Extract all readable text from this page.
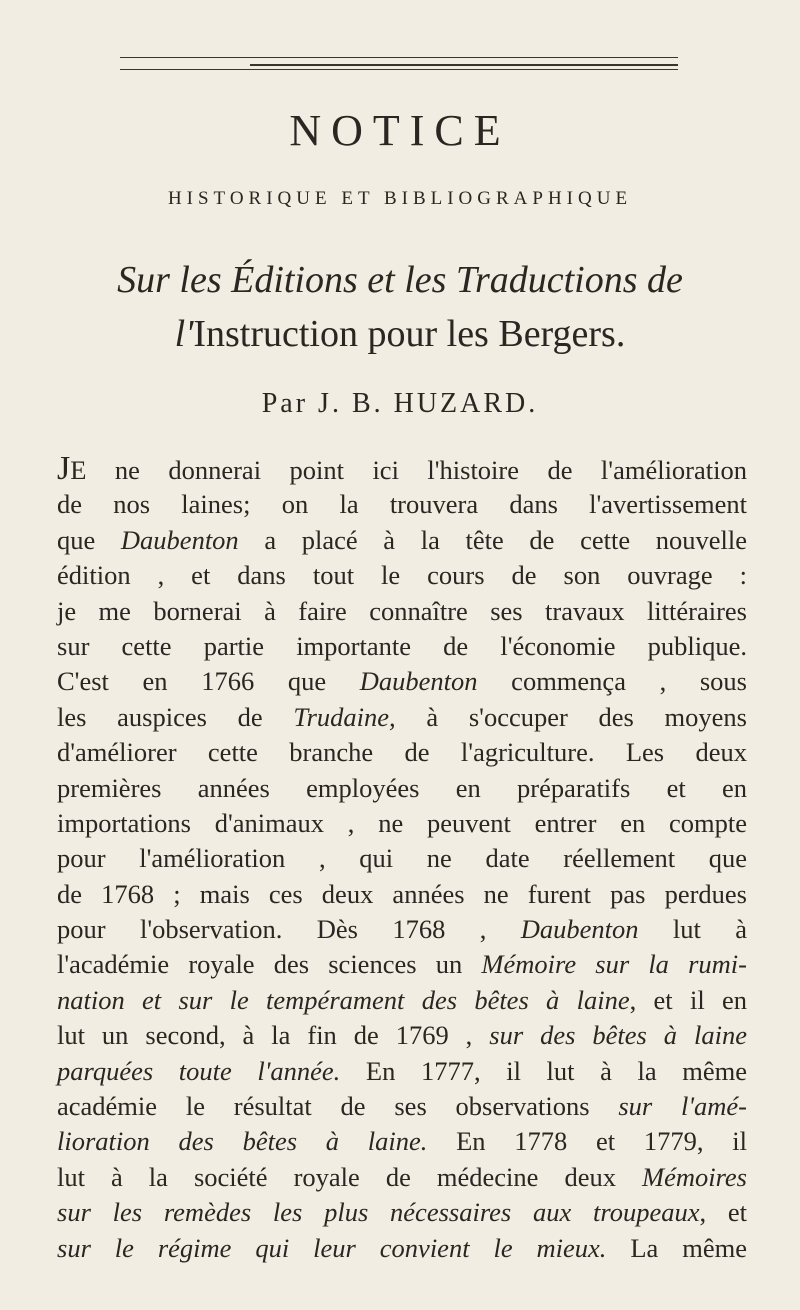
NOTICE
HISTORIQUE ET BIBLIOGRAPHIQUE
Sur les Éditions et les Traductions de
l'Instruction pour les Bergers.
Par J. B. HUZARD.
JE ne donnerai point ici l'histoire de l'amélioration
de nos laines; on la trouvera dans l'avertissement
que Daubenton a placé à la tête de cette nouvelle
édition , et dans tout le cours de son ouvrage :
je me bornerai à faire connaître ses travaux littéraires
sur cette partie importante de l'économie publique.
C'est en 1766 que Daubenton commença , sous
les auspices de Trudaine, à s'occuper des moyens
d'améliorer cette branche de l'agriculture. Les deux
premières années employées en préparatifs et en
importations d'animaux , ne peuvent entrer en compte
pour l'amélioration , qui ne date réellement que
de 1768 ; mais ces deux années ne furent pas perdues
pour l'observation. Dès 1768 , Daubenton lut à
l'académie royale des sciences un Mémoire sur la rumi-
nation et sur le tempérament des bêtes à laine, et il en
lut un second, à la fin de 1769 , sur des bêtes à laine
parquées toute l'année. En 1777, il lut à la même
académie le résultat de ses observations sur l'amé-
lioration des bêtes à laine. En 1778 et 1779, il
lut à la société royale de médecine deux Mémoires
sur les remèdes les plus nécessaires aux troupeaux, et
sur le régime qui leur convient le mieux. La même
